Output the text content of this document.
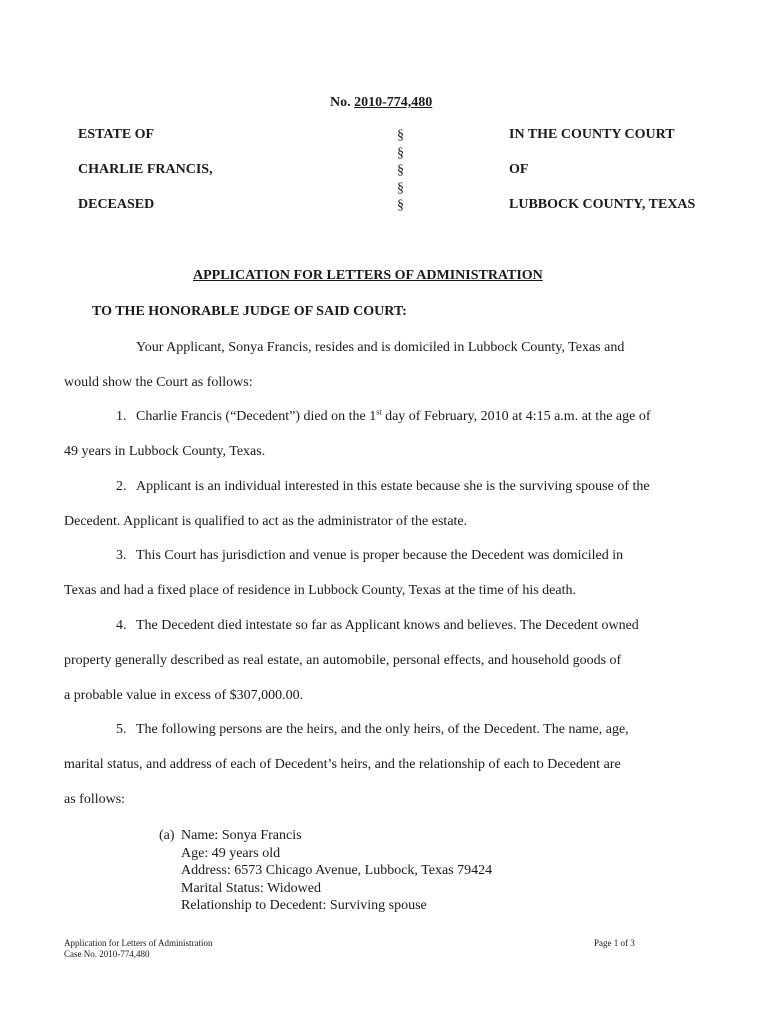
No. 2010-774,480
ESTATE OF
CHARLIE FRANCIS,
DECEASED
§
§
§
§
§
IN THE COUNTY COURT
OF
LUBBOCK COUNTY, TEXAS
APPLICATION FOR LETTERS OF ADMINISTRATION
TO THE HONORABLE JUDGE OF SAID COURT:
Your Applicant, Sonya Francis, resides and is domiciled in Lubbock County, Texas and
would show the Court as follows:
1. Charlie Francis (“Decedent”) died on the 1st day of February, 2010 at 4:15 a.m. at the age of
49 years in Lubbock County, Texas.
2. Applicant is an individual interested in this estate because she is the surviving spouse of the
Decedent. Applicant is qualified to act as the administrator of the estate.
3. This Court has jurisdiction and venue is proper because the Decedent was domiciled in
Texas and had a fixed place of residence in Lubbock County, Texas at the time of his death.
4. The Decedent died intestate so far as Applicant knows and believes. The Decedent owned
property generally described as real estate, an automobile, personal effects, and household goods of
a probable value in excess of $307,000.00.
5. The following persons are the heirs, and the only heirs, of the Decedent. The name, age,
marital status, and address of each of Decedent’s heirs, and the relationship of each to Decedent are
as follows:
(a) Name: Sonya Francis
Age: 49 years old
Address: 6573 Chicago Avenue, Lubbock, Texas 79424
Marital Status: Widowed
Relationship to Decedent: Surviving spouse
Application for Letters of Administration
Case No. 2010-774,480
Page 1 of 3
